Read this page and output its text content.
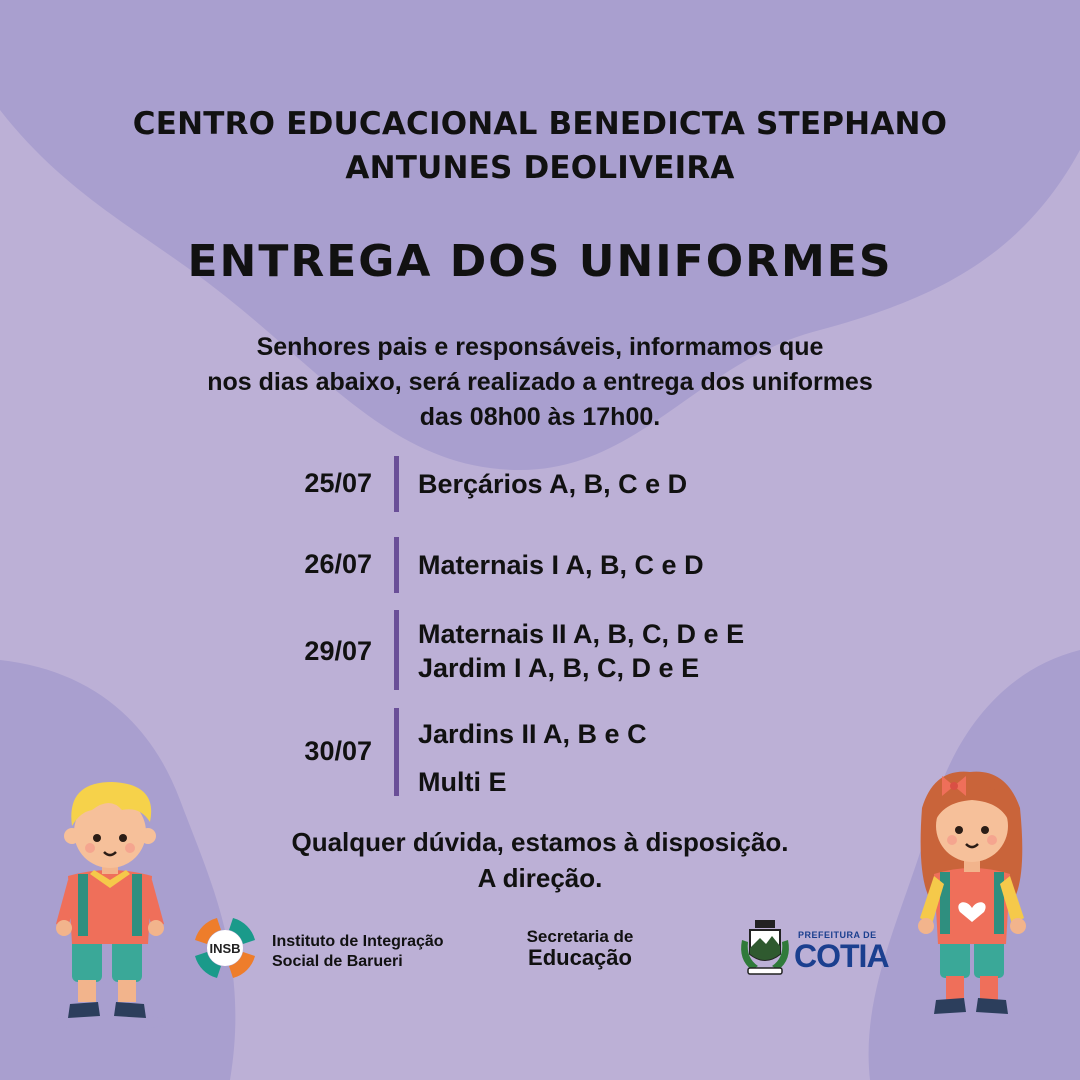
CENTRO EDUCACIONAL BENEDICTA STEPHANO
ANTUNES DEOLIVEIRA
ENTREGA DOS UNIFORMES
Senhores pais e responsáveis, informamos que
nos dias abaixo, será realizado a entrega dos uniformes
das 08h00 às 17h00.
25/07 Berçários A, B, C e D
26/07 Maternais I A, B, C e D
29/07
Maternais II A, B, C, D e E
Jardim I A, B, C, D e E
30/07
Jardins II A, B e C
Multi E
Qualquer dúvida, estamos à disposição.
A direção.
INSB Instituto de Integração
Social de Barueri
Secretaria de
Educação
PREFEITURA DE
COTIA
